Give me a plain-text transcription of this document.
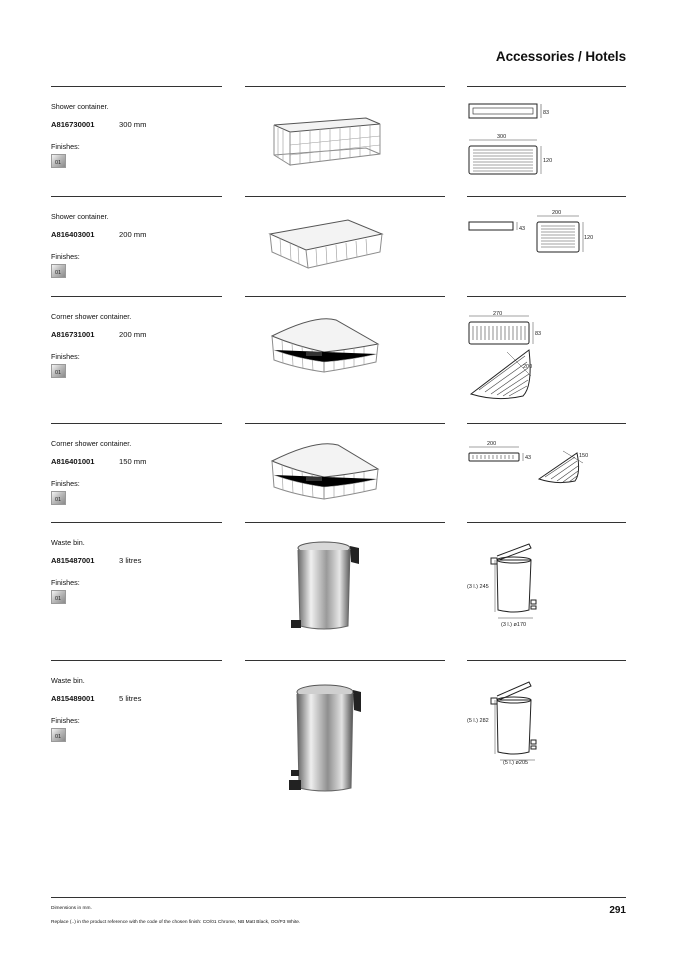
Accessories / Hotels
Shower container.
A816730001	300 mm
Finishes:
01
83
300
120
Shower container.
A816403001	200 mm
Finishes:
01
43
200
120
Corner shower container.
A816731001	200 mm
Finishes:
01
270
83
200
Corner shower container.
A816401001	150 mm
Finishes:
01
200
43	150
Waste bin.
A815487001	3 litres
Finishes:
01
(3 l.) 245
(3 l.) ø170
Waste bin.
A815489001	5 litres
Finishes:
01
(5 l.) 282
(5 l.) ø205
Dimensions in mm.
Replace (..) in the product reference with the code of the chosen finish: CO/01 Chrome, NB Matt Black, OO/P3 White.
291
